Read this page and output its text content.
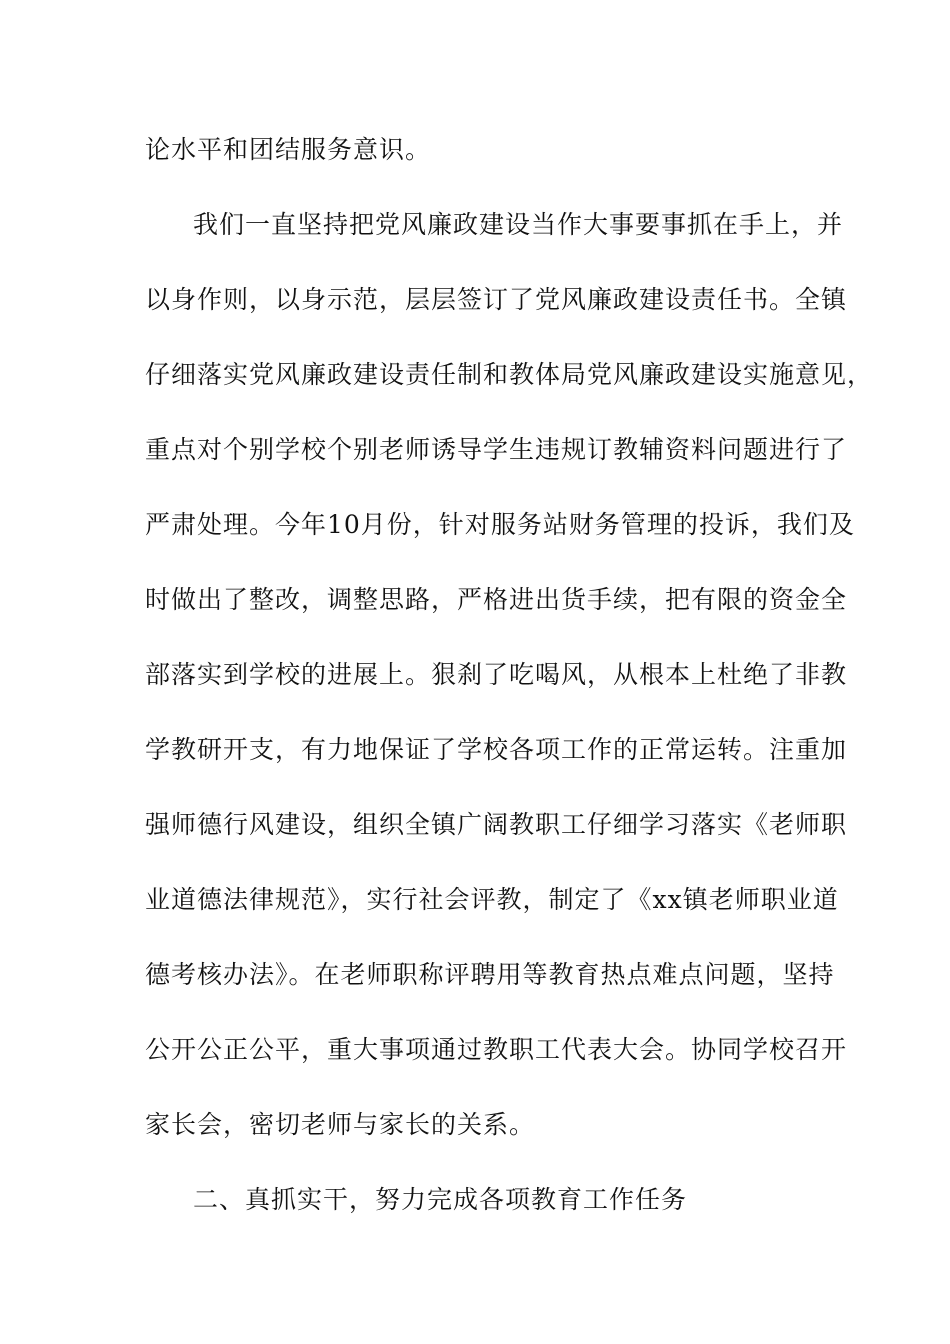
论水平和团结服务意识。
我们一直坚持把党风廉政建设当作大事要事抓在手上，并
以身作则，以身示范，层层签订了党风廉政建设责任书。全镇
仔细落实党风廉政建设责任制和教体局党风廉政建设实施意见，
重点对个别学校个别老师诱导学生违规订教辅资料问题进行了
严肃处理。今年10月份，针对服务站财务管理的投诉，我们及
时做出了整改，调整思路，严格进出货手续，把有限的资金全
部落实到学校的进展上。狠刹了吃喝风，从根本上杜绝了非教
学教研开支，有力地保证了学校各项工作的正常运转。注重加
强师德行风建设，组织全镇广阔教职工仔细学习落实《老师职
业道德法律规范》，实行社会评教，制定了《xx镇老师职业道
德考核办法》。在老师职称评聘用等教育热点难点问题，坚持
公开公正公平，重大事项通过教职工代表大会。协同学校召开
家长会，密切老师与家长的关系。
二、真抓实干，努力完成各项教育工作任务
